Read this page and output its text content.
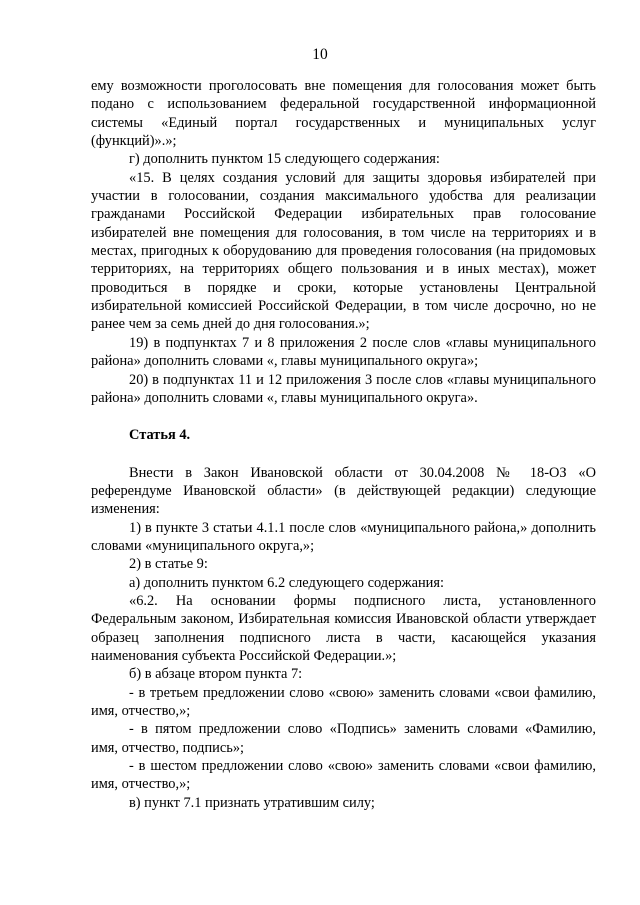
10

ему возможности проголосовать вне помещения для голосования может быть подано с использованием федеральной государственной информационной системы «Единый портал государственных и муниципальных услуг (функций)».»;

г) дополнить пунктом 15 следующего содержания:

«15. В целях создания условий для защиты здоровья избирателей при участии в голосовании, создания максимального удобства для реализации гражданами Российской Федерации избирательных прав голосование избирателей вне помещения для голосования, в том числе на территориях и в местах, пригодных к оборудованию для проведения голосования (на придомовых территориях, на территориях общего пользования и в иных местах), может проводиться в порядке и сроки, которые установлены Центральной избирательной комиссией Российской Федерации, в том числе досрочно, но не ранее чем за семь дней до дня голосования.»;

19) в подпунктах 7 и 8 приложения 2 после слов «главы муниципального района» дополнить словами «, главы муниципального округа»;

20) в подпунктах 11 и 12 приложения 3 после слов «главы муниципального района» дополнить словами «, главы муниципального округа».

Статья 4.

Внести в Закон Ивановской области от 30.04.2008 № 18-ОЗ «О референдуме Ивановской области» (в действующей редакции) следующие изменения:

1) в пункте 3 статьи 4.1.1 после слов «муниципального района,» дополнить словами «муниципального округа,»;

2) в статье 9:

а) дополнить пунктом 6.2 следующего содержания:

«6.2. На основании формы подписного листа, установленного Федеральным законом, Избирательная комиссия Ивановской области утверждает образец заполнения подписного листа в части, касающейся указания наименования субъекта Российской Федерации.»;

б) в абзаце втором пункта 7:

- в третьем предложении слово «свою» заменить словами «свои фамилию, имя, отчество,»;

- в пятом предложении слово «Подпись» заменить словами «Фамилию, имя, отчество, подпись»;

- в шестом предложении слово «свою» заменить словами «свои фамилию, имя, отчество,»;

в) пункт 7.1 признать утратившим силу;
